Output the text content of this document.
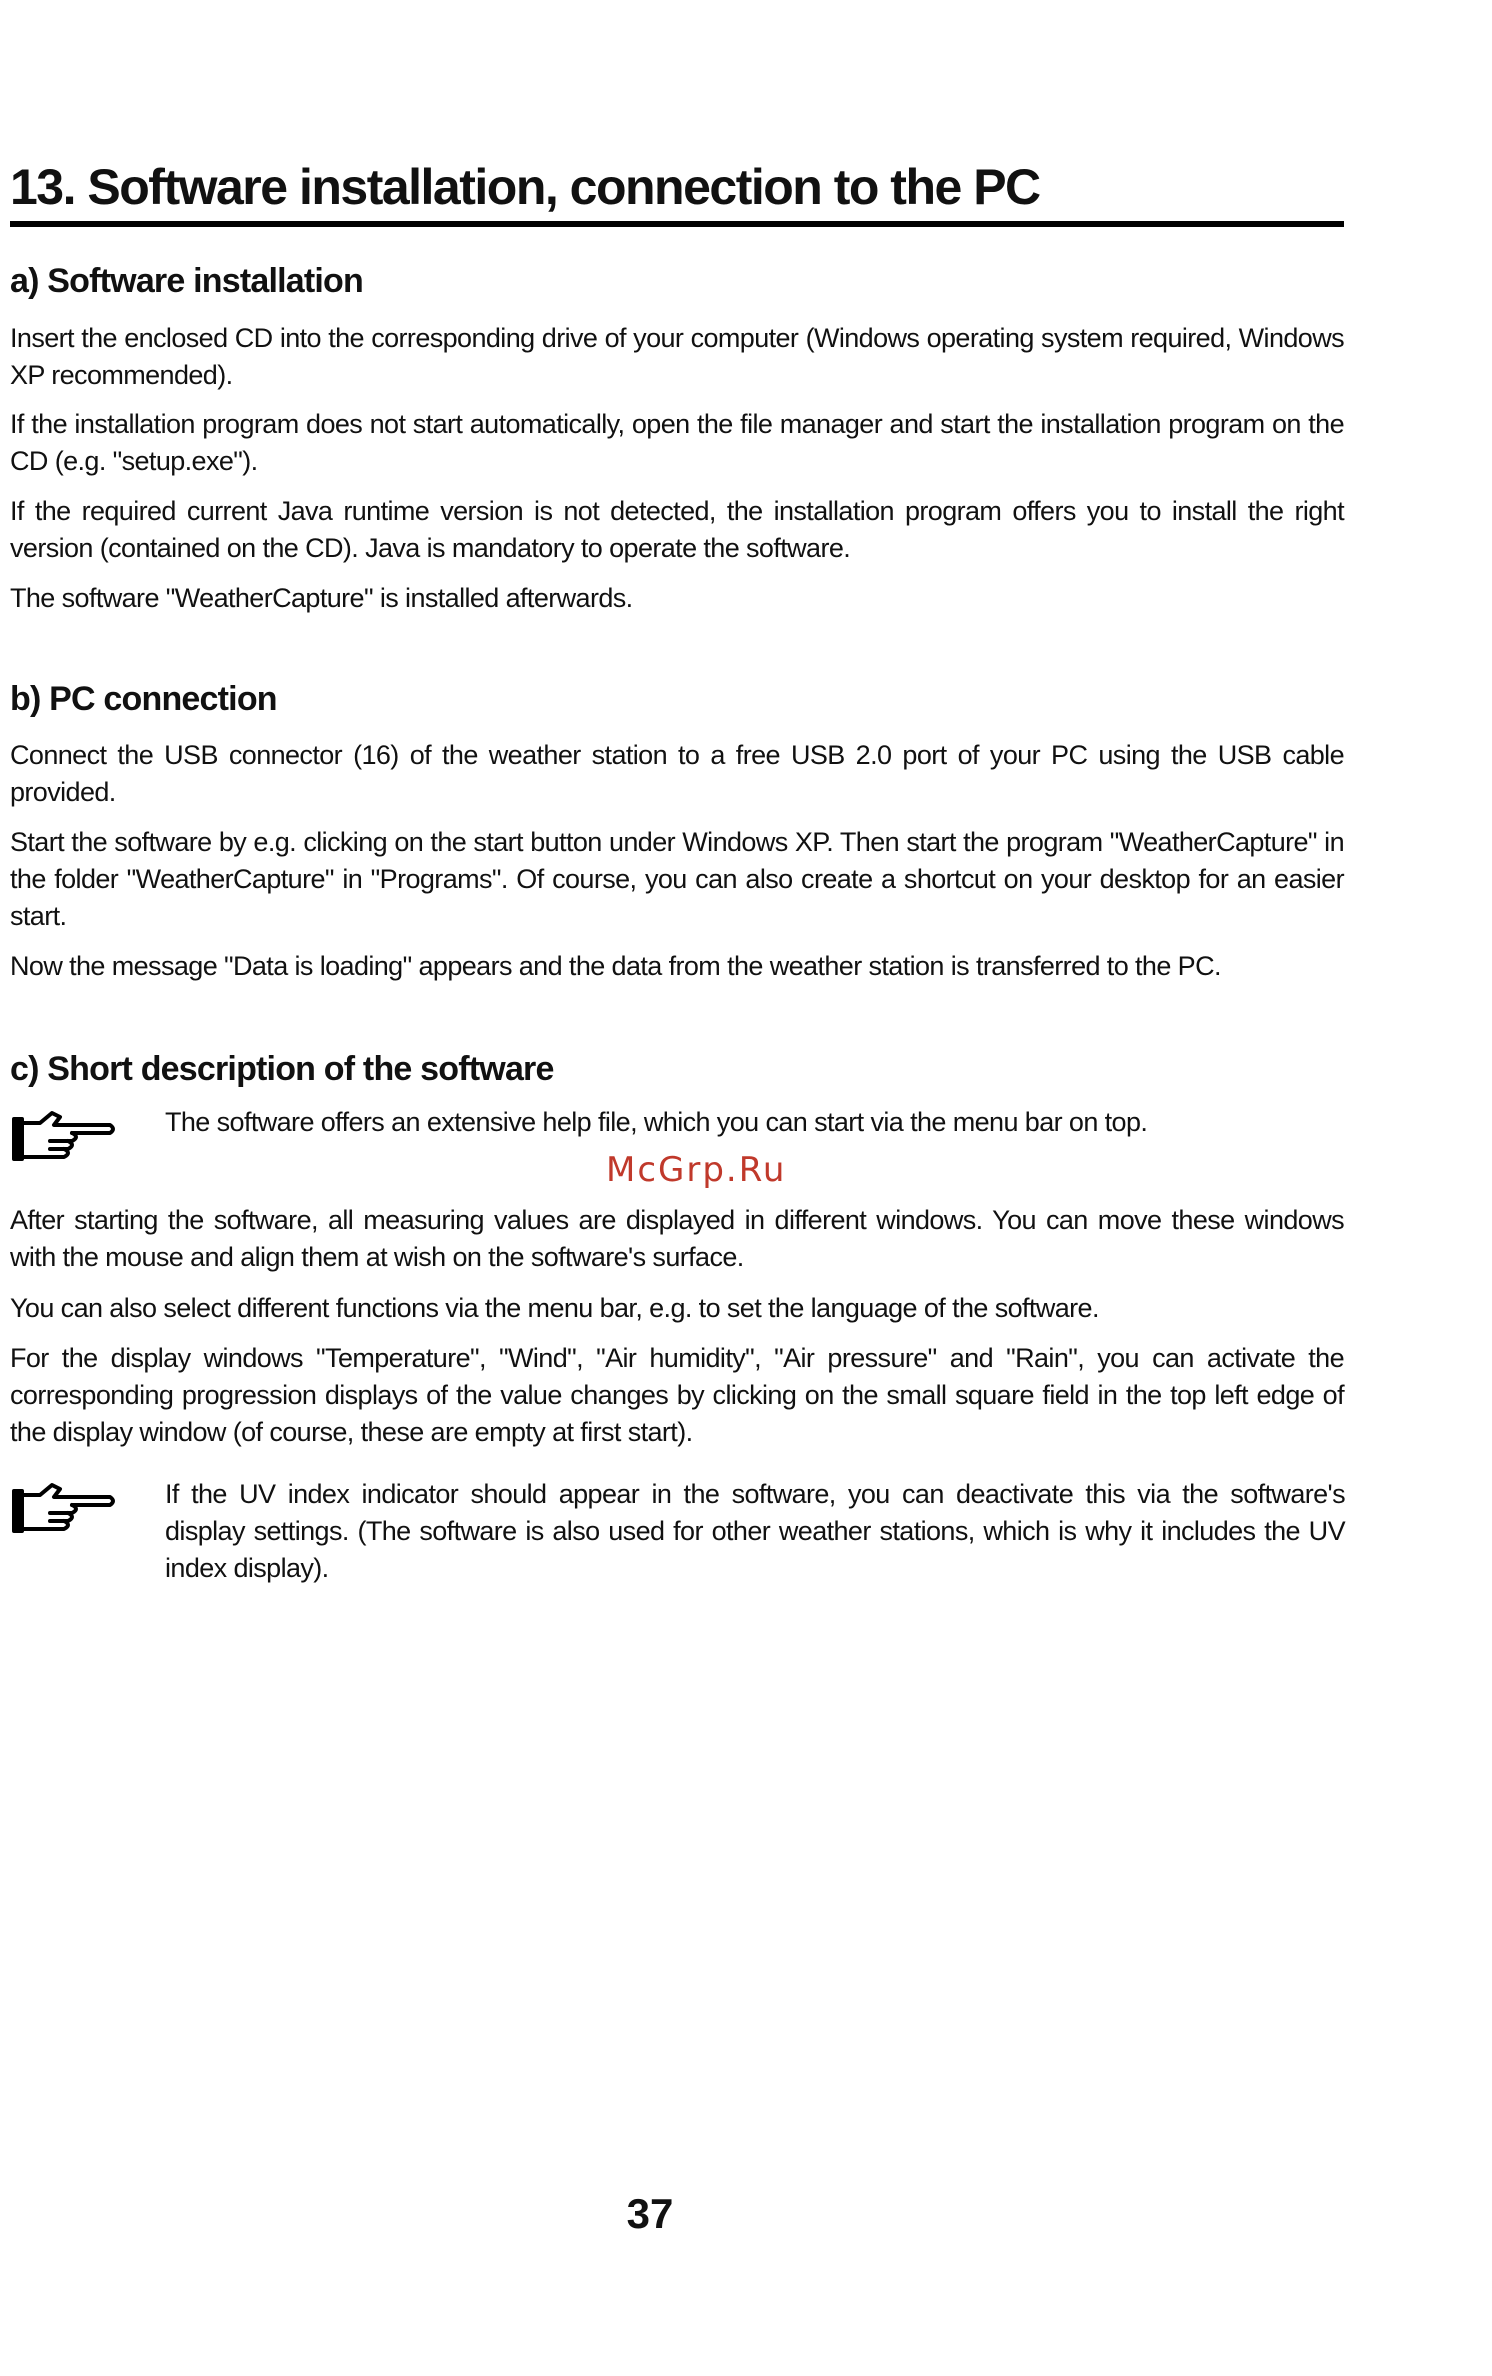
13. Software installation, connection to the PC
a) Software installation

Insert the enclosed CD into the corresponding drive of your computer (Windows operating system required, Windows XP recommended).

If the installation program does not start automatically, open the file manager and start the installation program on the CD (e.g. "setup.exe").

If the required current Java runtime version is not detected, the installation program offers you to install the right version (contained on the CD). Java is mandatory to operate the software.

The software "WeatherCapture" is installed afterwards.

b) PC connection

Connect the USB connector (16) of the weather station to a free USB 2.0 port of your PC using the USB cable provided.

Start the software by e.g. clicking on the start button under Windows XP. Then start the program "WeatherCapture" in the folder "WeatherCapture" in "Programs". Of course, you can also create a shortcut on your desktop for an easier start.

Now the message "Data is loading" appears and the data from the weather station is transferred to the PC.

c) Short description of the software

The software offers an extensive help file, which you can start via the menu bar on top.

McGrp.Ru

After starting the software, all measuring values are displayed in different windows. You can move these windows with the mouse and align them at wish on the software's surface.

You can also select different functions via the menu bar, e.g. to set the language of the software.

For the display windows "Temperature", "Wind", "Air humidity", "Air pressure" and "Rain", you can activate the corresponding progression displays of the value changes by clicking on the small square field in the top left edge of the display window (of course, these are empty at first start).

If the UV index indicator should appear in the software, you can deactivate this via the software's display settings. (The software is also used for other weather stations, which is why it includes the UV index display).

37
